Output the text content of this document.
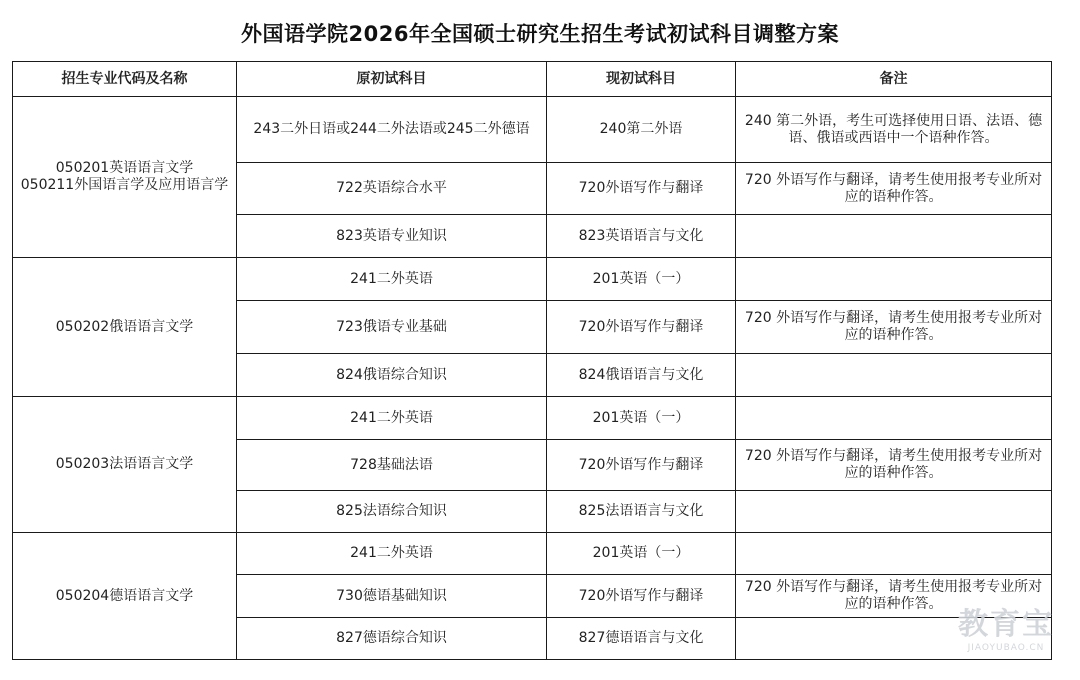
外国语学院2026年全国硕士研究生招生考试初试科目调整方案
招生专业代码及名称	原初试科目	现初试科目	备注

050201英语语言文学
050211外国语言学及应用语言学	243二外日语或244二外法语或245二外德语	240第二外语	240 第二外语，考生可选择使用日语、法语、德语、俄语或西语中一个语种作答。
	722英语综合水平	720外语写作与翻译	720 外语写作与翻译，请考生使用报考专业所对应的语种作答。
	823英语专业知识	823英语语言与文化	

050202俄语语言文学	241二外英语	201英语（一）	
	723俄语专业基础	720外语写作与翻译	720 外语写作与翻译，请考生使用报考专业所对应的语种作答。
	824俄语综合知识	824俄语语言与文化	

050203法语语言文学	241二外英语	201英语（一）	
	728基础法语	720外语写作与翻译	720 外语写作与翻译，请考生使用报考专业所对应的语种作答。
	825法语综合知识	825法语语言与文化	

050204德语语言文学	241二外英语	201英语（一）	
	730德语基础知识	720外语写作与翻译	720 外语写作与翻译，请考生使用报考专业所对应的语种作答。
	827德语综合知识	827德语语言与文化		教育宝
JIAOYUBAO.CN
